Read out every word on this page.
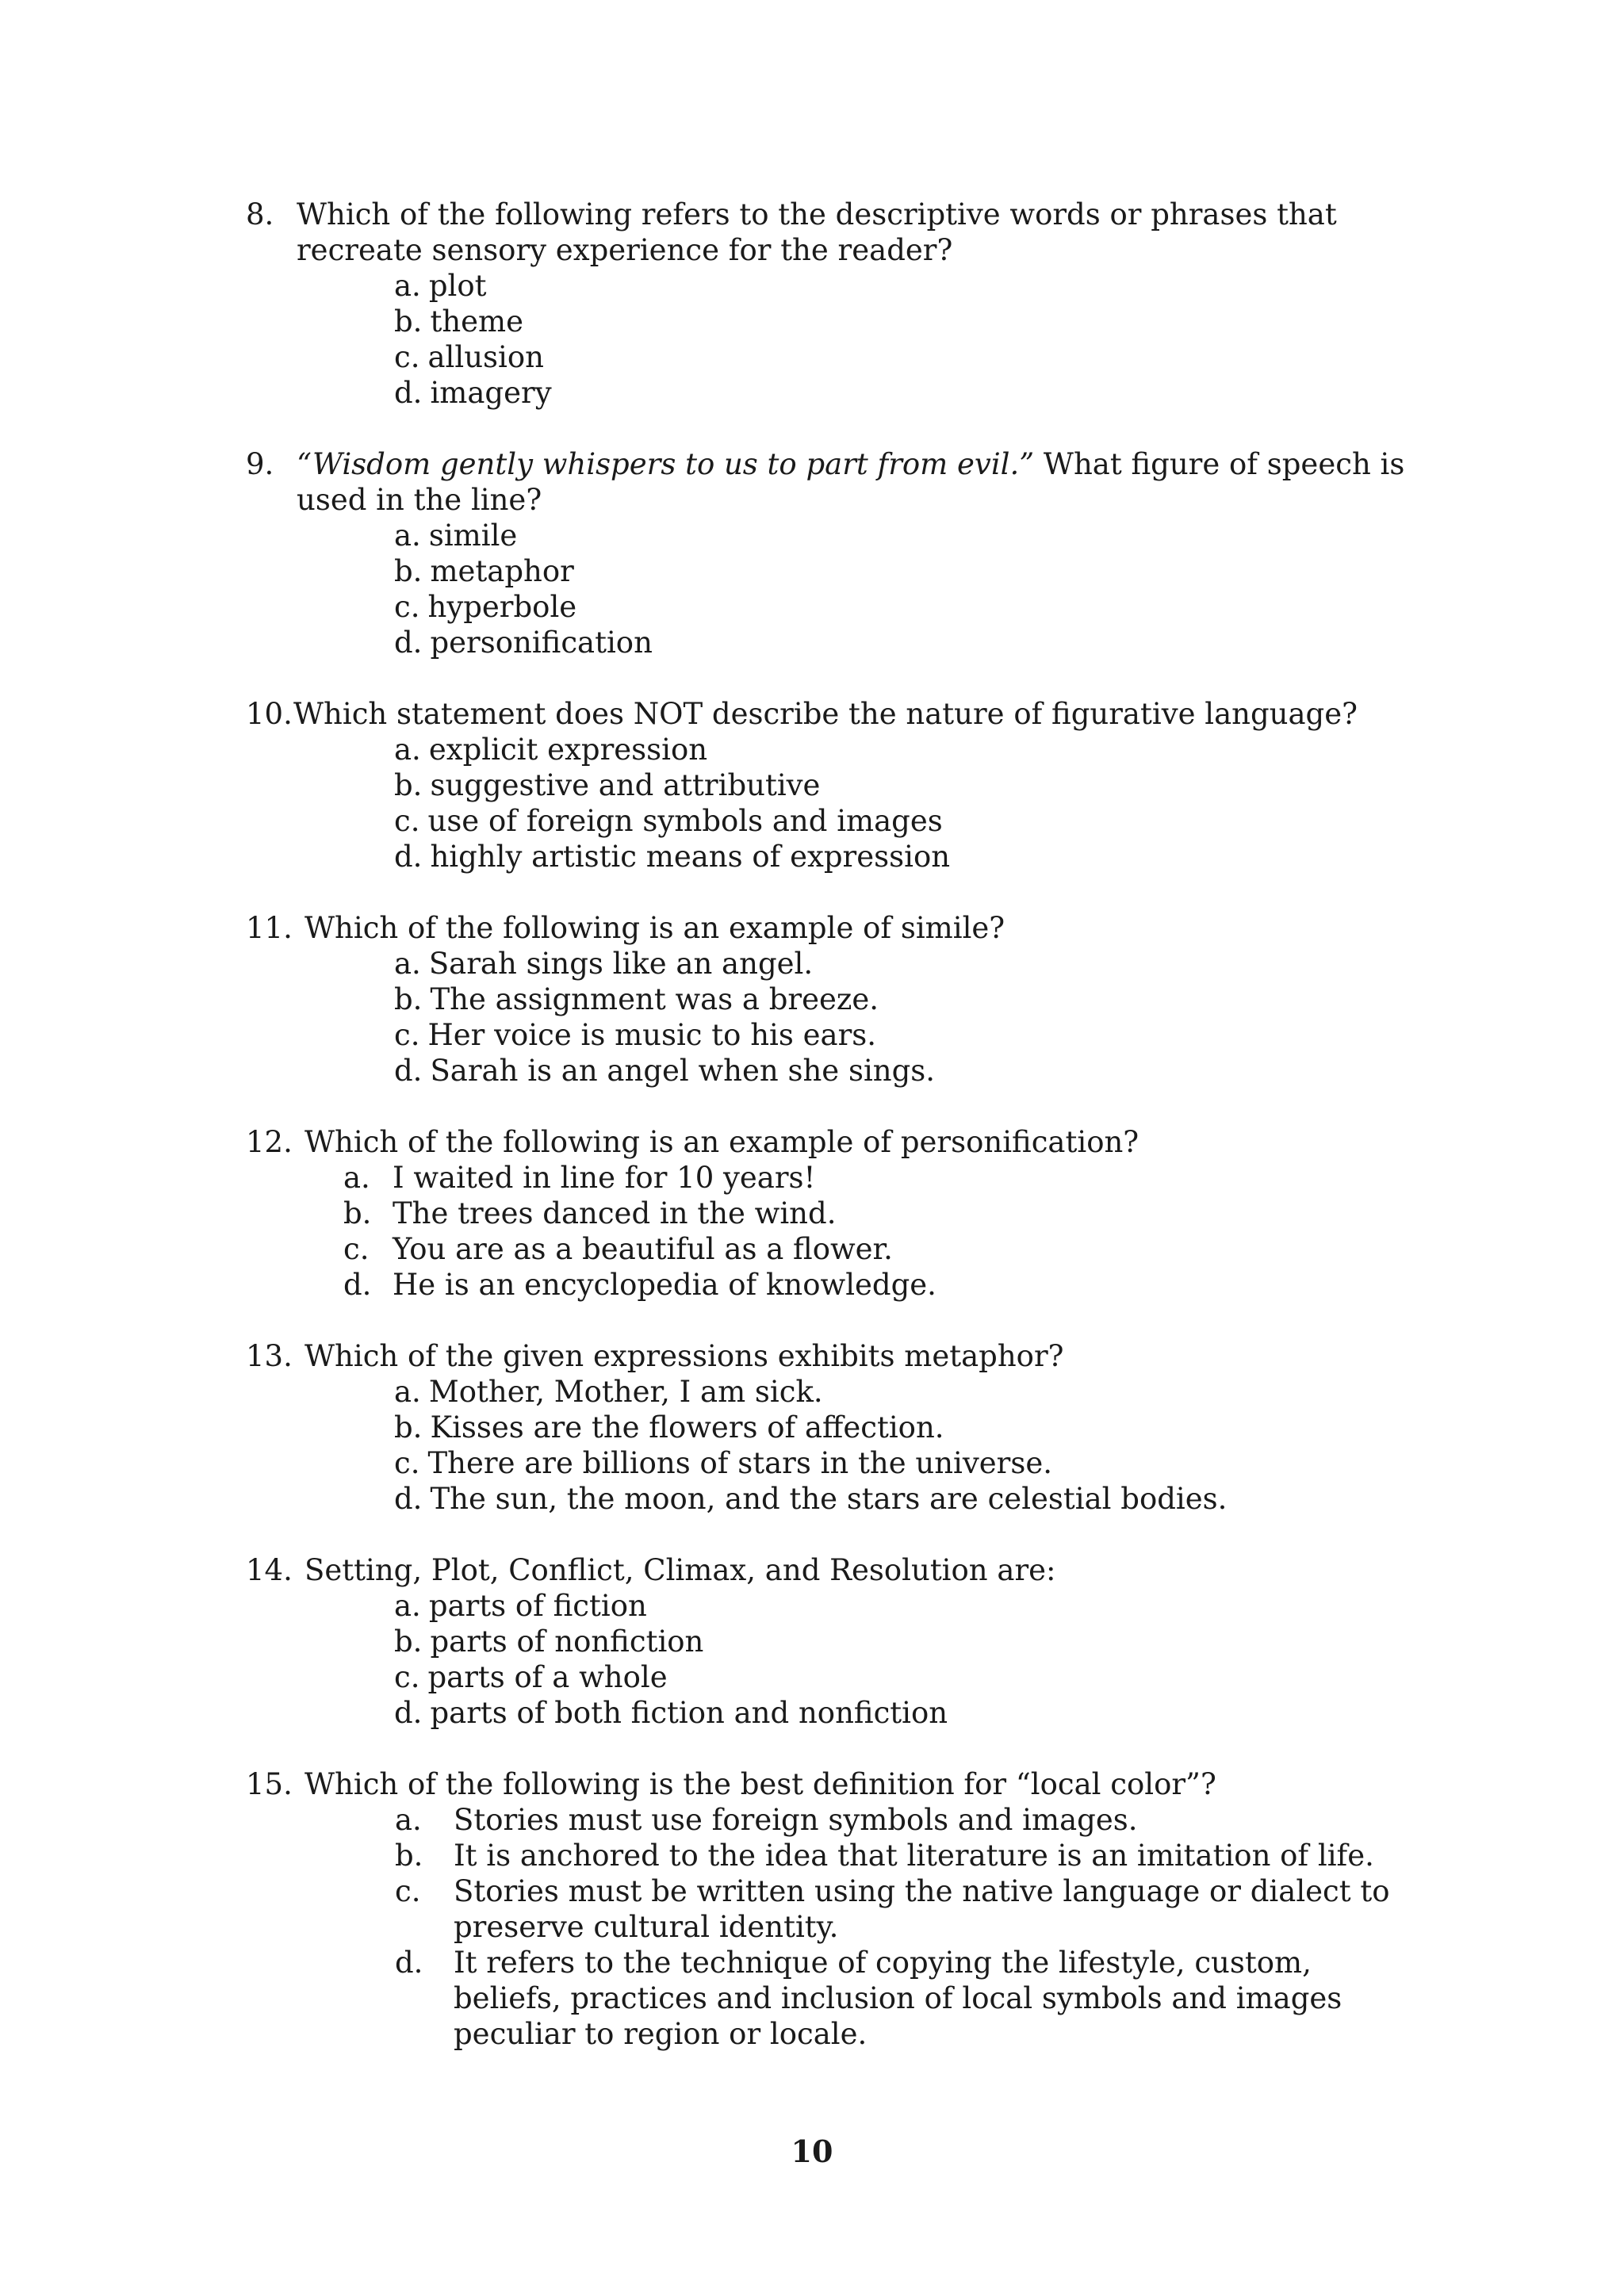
8. Which of the following refers to the descriptive words or phrases that recreate sensory experience for the reader?
a. plot
b. theme
c. allusion
d. imagery
9. “Wisdom gently whispers to us to part from evil.” What figure of speech is used in the line?
a. simile
b. metaphor
c. hyperbole
d. personification
10. Which statement does NOT describe the nature of figurative language?
a. explicit expression
b. suggestive and attributive
c. use of foreign symbols and images
d. highly artistic means of expression
11. Which of the following is an example of simile?
a. Sarah sings like an angel.
b. The assignment was a breeze.
c. Her voice is music to his ears.
d. Sarah is an angel when she sings.
12. Which of the following is an example of personification?
a. I waited in line for 10 years!
b. The trees danced in the wind.
c. You are as a beautiful as a flower.
d. He is an encyclopedia of knowledge.
13. Which of the given expressions exhibits metaphor?
a. Mother, Mother, I am sick.
b. Kisses are the flowers of affection.
c. There are billions of stars in the universe.
d. The sun, the moon, and the stars are celestial bodies.
14. Setting, Plot, Conflict, Climax, and Resolution are:
a. parts of fiction
b. parts of nonfiction
c. parts of a whole
d. parts of both fiction and nonfiction
15. Which of the following is the best definition for “local color”?
a.	Stories must use foreign symbols and images.
b.	It is anchored to the idea that literature is an imitation of life.
c.	Stories must be written using the native language or dialect to preserve cultural identity.
d.	It refers to the technique of copying the lifestyle, custom, beliefs, practices and inclusion of local symbols and images peculiar to region or locale.
10
